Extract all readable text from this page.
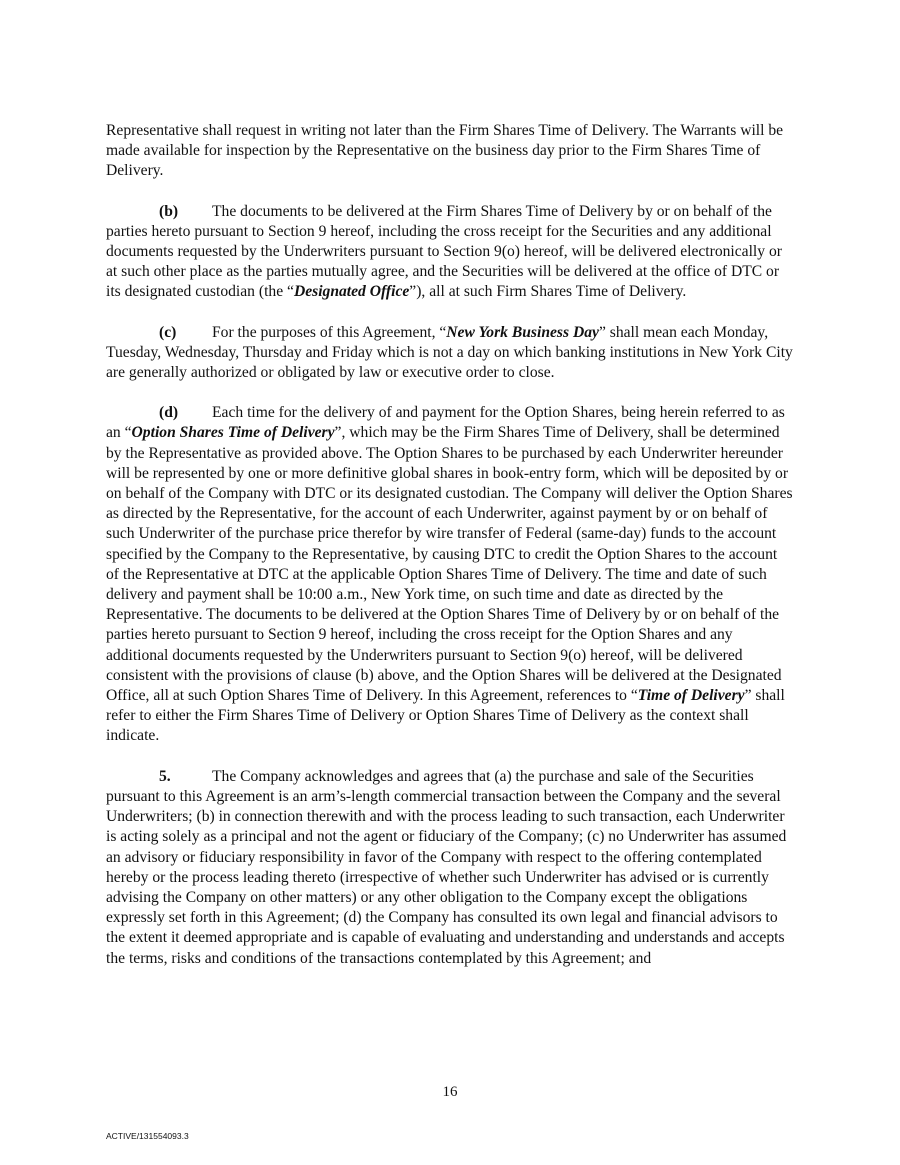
Representative shall request in writing not later than the Firm Shares Time of Delivery. The Warrants will be made available for inspection by the Representative on the business day prior to the Firm Shares Time of Delivery.

(b) The documents to be delivered at the Firm Shares Time of Delivery by or on behalf of the parties hereto pursuant to Section 9 hereof, including the cross receipt for the Securities and any additional documents requested by the Underwriters pursuant to Section 9(o) hereof, will be delivered electronically or at such other place as the parties mutually agree, and the Securities will be delivered at the office of DTC or its designated custodian (the “Designated Office”), all at such Firm Shares Time of Delivery.

(c) For the purposes of this Agreement, “New York Business Day” shall mean each Monday, Tuesday, Wednesday, Thursday and Friday which is not a day on which banking institutions in New York City are generally authorized or obligated by law or executive order to close.

(d) Each time for the delivery of and payment for the Option Shares, being herein referred to as an “Option Shares Time of Delivery”, which may be the Firm Shares Time of Delivery, shall be determined by the Representative as provided above. The Option Shares to be purchased by each Underwriter hereunder will be represented by one or more definitive global shares in book-entry form, which will be deposited by or on behalf of the Company with DTC or its designated custodian. The Company will deliver the Option Shares as directed by the Representative, for the account of each Underwriter, against payment by or on behalf of such Underwriter of the purchase price therefor by wire transfer of Federal (same-day) funds to the account specified by the Company to the Representative, by causing DTC to credit the Option Shares to the account of the Representative at DTC at the applicable Option Shares Time of Delivery. The time and date of such delivery and payment shall be 10:00 a.m., New York time, on such time and date as directed by the Representative. The documents to be delivered at the Option Shares Time of Delivery by or on behalf of the parties hereto pursuant to Section 9 hereof, including the cross receipt for the Option Shares and any additional documents requested by the Underwriters pursuant to Section 9(o) hereof, will be delivered consistent with the provisions of clause (b) above, and the Option Shares will be delivered at the Designated Office, all at such Option Shares Time of Delivery. In this Agreement, references to “Time of Delivery” shall refer to either the Firm Shares Time of Delivery or Option Shares Time of Delivery as the context shall indicate.

5.	The Company acknowledges and agrees that (a) the purchase and sale of the Securities pursuant to this Agreement is an arm’s-length commercial transaction between the Company and the several Underwriters; (b) in connection therewith and with the process leading to such transaction, each Underwriter is acting solely as a principal and not the agent or fiduciary of the Company; (c) no Underwriter has assumed an advisory or fiduciary responsibility in favor of the Company with respect to the offering contemplated hereby or the process leading thereto (irrespective of whether such Underwriter has advised or is currently advising the Company on other matters) or any other obligation to the Company except the obligations expressly set forth in this Agreement; (d) the Company has consulted its own legal and financial advisors to the extent it deemed appropriate and is capable of evaluating and understanding and understands and accepts the terms, risks and conditions of the transactions contemplated by this Agreement; and

16
ACTIVE/131554093.3
